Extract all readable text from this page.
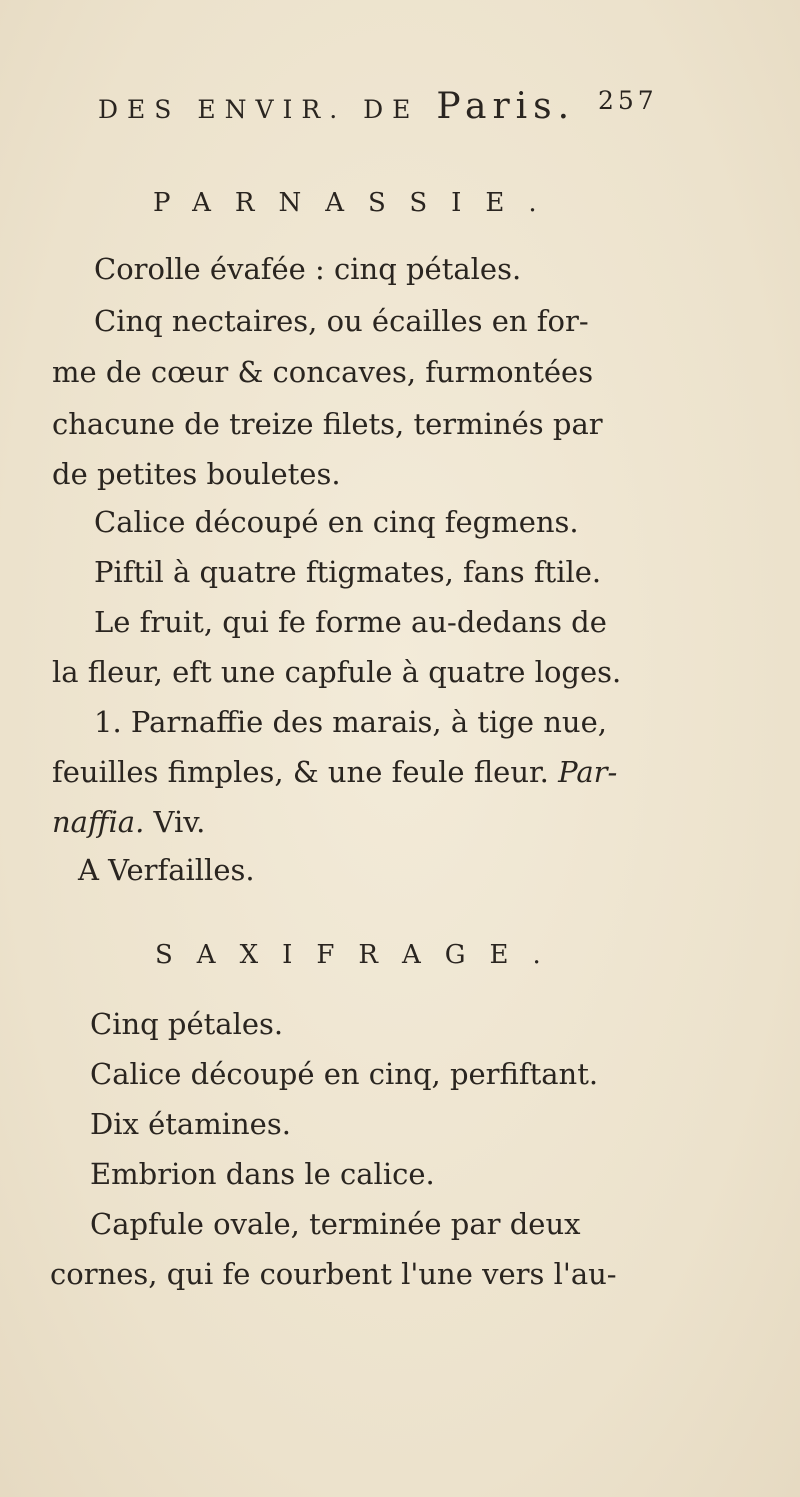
DES ENVIR. DE Paris. 257
PARNASSIE.
Corolle évafée : cinq pétales.
Cinq nectaires, ou écailles en for-
me de cœur & concaves, furmontées
chacune de treize filets, terminés par
de petites bouletes.
Calice découpé en cinq fegmens.
Piftil à quatre ftigmates, fans ftile.
Le fruit, qui fe forme au-dedans de
la fleur, eft une capfule à quatre loges.
1. Parnaffie des marais, à tige nue,
feuilles fimples, & une feule fleur. Par-
naffia. Viv.
A Verfailles.
SAXIFRAGE.
Cinq pétales.
Calice découpé en cinq, perfiftant.
Dix étamines.
Embrion dans le calice.
Capfule ovale, terminée par deux
cornes, qui fe courbent l'une vers l'au-
